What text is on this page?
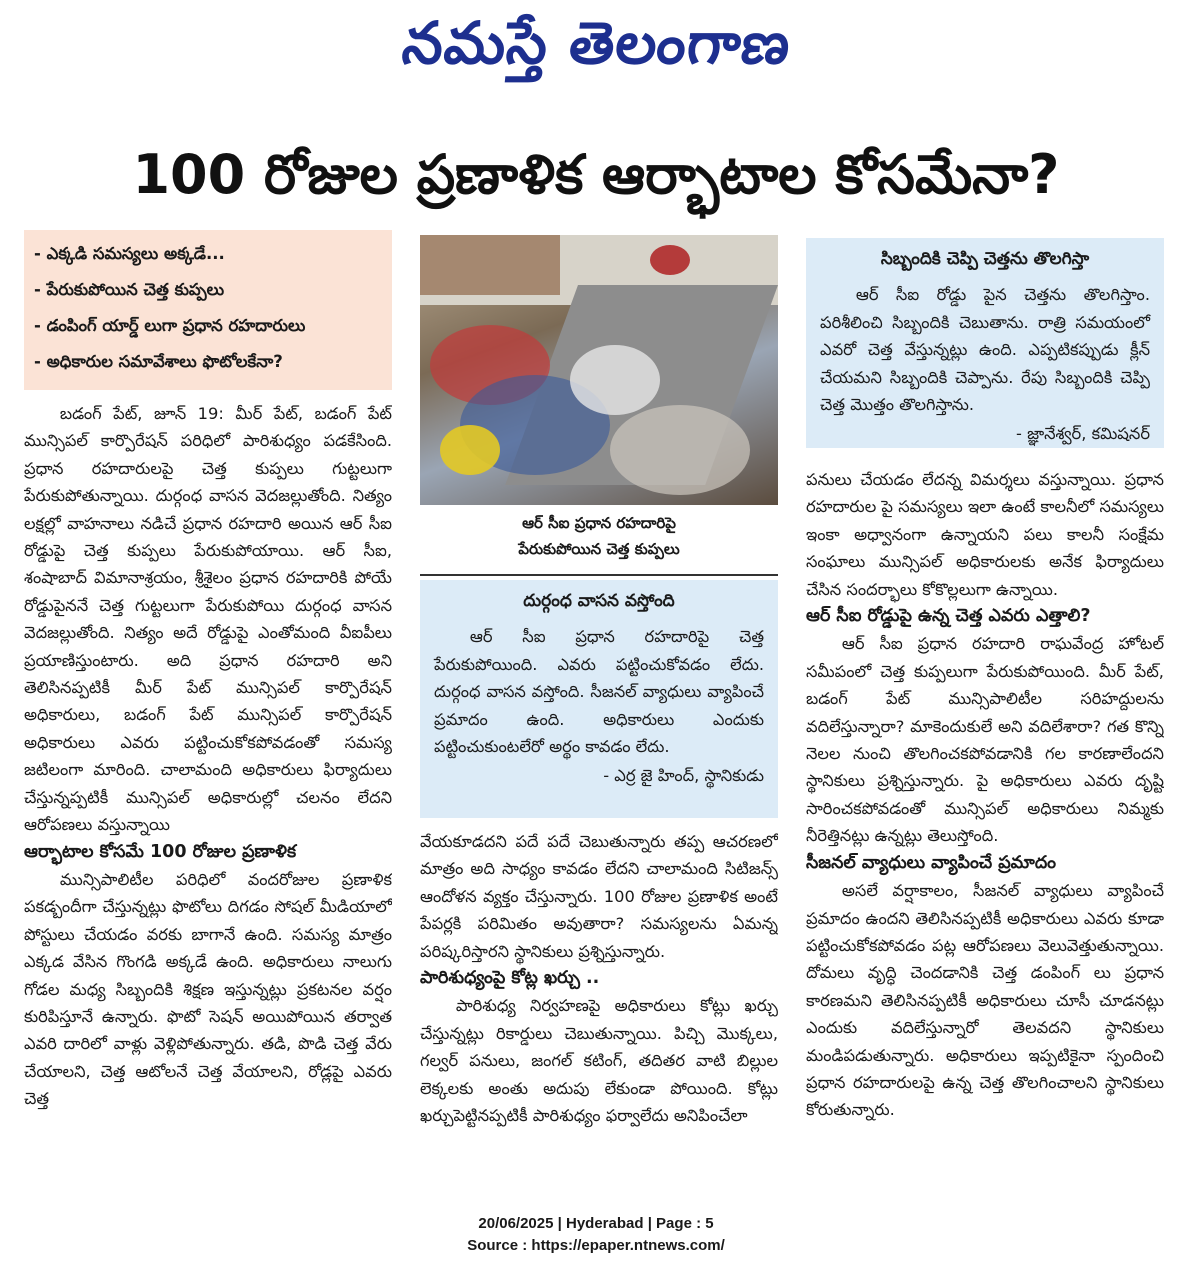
నమస్తే తెలంగాణ
100 రోజుల ప్రణాళిక ఆర్భాటాల కోసమేనా?
- ఎక్కడి సమస్యలు అక్కడే...
- పేరుకుపోయిన చెత్త కుప్పలు
- డంపింగ్ యార్డ్ లుగా ప్రధాన రహదారులు
- అధికారుల సమావేశాలు ఫొటోలకేనా?

బడంగ్ పేట్, జూన్ 19: మీర్ పేట్, బడంగ్ పేట్ మున్సిపల్ కార్పొరేషన్ పరిధిలో పారిశుధ్యం పడకేసింది. ప్రధాన రహదారులపై చెత్త కుప్పలు గుట్టలుగా పేరుకుపోతున్నాయి. దుర్గంధ వాసన వెదజల్లుతోంది. నిత్యం లక్షల్లో వాహనాలు నడిచే ప్రధాన రహదారి అయిన ఆర్ సీఐ రోడ్డుపై చెత్త కుప్పలు పేరుకుపోయాయి. ఆర్ సీఐ, శంషాబాద్ విమానాశ్రయం, శ్రీశైలం ప్రధాన రహదారికి పోయే రోడ్డుపైననే చెత్త గుట్టలుగా పేరుకుపోయి దుర్గంధ వాసన వెదజల్లుతోంది. నిత్యం అదే రోడ్డుపై ఎంతోమంది వీఐపీలు ప్రయాణిస్తుంటారు. అది ప్రధాన రహదారి అని తెలిసినప్పటికీ మీర్ పేట్ మున్సిపల్ కార్పొరేషన్ అధికారులు, బడంగ్ పేట్ మున్సిపల్ కార్పొరేషన్ అధికారులు ఎవరు పట్టించుకోకపోవడంతో సమస్య జటిలంగా మారింది. చాలామంది అధికారులు ఫిర్యాదులు చేస్తున్నప్పటికీ మున్సిపల్ అధికారుల్లో చలనం లేదని ఆరోపణలు వస్తున్నాయి

ఆర్భాటాల కోసమే 100 రోజుల ప్రణాళిక

మున్సిపాలిటీల పరిధిలో వందరోజుల ప్రణాళిక పకడ్బందీగా చేస్తున్నట్లు ఫొటోలు దిగడం సోషల్ మీడియాలో పోస్టులు చేయడం వరకు బాగానే ఉంది. సమస్య మాత్రం ఎక్కడ వేసిన గొంగడి అక్కడే ఉంది. అధికారులు నాలుగు గోడల మధ్య సిబ్బందికి శిక్షణ ఇస్తున్నట్లు ప్రకటనల వర్షం కురిపిస్తూనే ఉన్నారు. ఫొటో సెషన్ అయిపోయిన తర్వాత ఎవరి దారిలో వాళ్లు వెళ్లిపోతున్నారు. తడి, పొడి చెత్త వేరు చేయాలని, చెత్త ఆటోలనే చెత్త వేయాలని, రోడ్లపై ఎవరు చెత్త

ఆర్ సీఐ ప్రధాన రహదారిపై
పేరుకుపోయిన చెత్త కుప్పలు
దుర్గంధ వాసన వస్తోంది

ఆర్ సీఐ ప్రధాన రహదారిపై చెత్త పేరుకుపోయింది. ఎవరు పట్టించుకోవడం లేదు. దుర్గంధ వాసన వస్తోంది. సీజనల్ వ్యాధులు వ్యాపించే ప్రమాదం ఉంది. అధికారులు ఎందుకు పట్టించుకుంటలేరో అర్థం కావడం లేదు.

- ఎర్ర జై హింద్, స్థానికుడు

వేయకూడదని పదే పదే చెబుతున్నారు తప్ప ఆచరణలో మాత్రం అది సాధ్యం కావడం లేదని చాలామంది సిటిజన్స్ ఆందోళన వ్యక్తం చేస్తున్నారు. 100 రోజుల ప్రణాళిక అంటే పేపర్లకి పరిమితం అవుతారా? సమస్యలను ఏమన్న పరిష్కరిస్తారని స్థానికులు ప్రశ్నిస్తున్నారు.

పారిశుధ్యంపై కోట్ల ఖర్చు ..

పారిశుధ్య నిర్వహణపై అధికారులు కోట్లు ఖర్చు చేస్తున్నట్లు రికార్డులు చెబుతున్నాయి. పిచ్చి మొక్కలు, గల్వర్ పనులు, జంగల్ కటింగ్, తదితర వాటి బిల్లుల లెక్కలకు అంతు అదుపు లేకుండా పోయింది. కోట్లు ఖర్చుపెట్టినప్పటికీ పారిశుధ్యం ఫర్వాలేదు అనిపించేలా

సిబ్బందికి చెప్పి చెత్తను తొలగిస్తా

ఆర్ సీఐ రోడ్డు పైన చెత్తను తొలగిస్తాం. పరిశీలించి సిబ్బందికి చెబుతాను. రాత్రి సమయంలో ఎవరో చెత్త వేస్తున్నట్లు ఉంది. ఎప్పటికప్పుడు క్లీన్ చేయమని సిబ్బందికి చెప్పాను. రేపు సిబ్బందికి చెప్పి చెత్త మొత్తం తొలగిస్తాను.

- జ్ఞానేశ్వర్, కమిషనర్

పనులు చేయడం లేదన్న విమర్శలు వస్తున్నాయి. ప్రధాన రహదారుల పై సమస్యలు ఇలా ఉంటే కాలనీలో సమస్యలు ఇంకా అధ్వానంగా ఉన్నాయని పలు కాలనీ సంక్షేమ సంఘాలు మున్సిపల్ అధికారులకు అనేక ఫిర్యాదులు చేసిన సందర్భాలు కోకొల్లలుగా ఉన్నాయి.

ఆర్ సీఐ రోడ్డుపై ఉన్న చెత్త ఎవరు ఎత్తాలి?

ఆర్ సీఐ ప్రధాన రహదారి రాఘవేంద్ర హోటల్ సమీపంలో చెత్త కుప్పలుగా పేరుకుపోయింది. మీర్ పేట్, బడంగ్ పేట్ మున్సిపాలిటీల సరిహద్దులను వదిలేస్తున్నారా? మాకెందుకులే అని వదిలేశారా? గత కొన్ని నెలల నుంచి తొలగించకపోవడానికి గల కారణాలేందని స్థానికులు ప్రశ్నిస్తున్నారు. పై అధికారులు ఎవరు దృష్టి సారించకపోవడంతో మున్సిపల్ అధికారులు నిమ్మకు నీరెత్తినట్లు ఉన్నట్లు తెలుస్తోంది.

సీజనల్ వ్యాధులు వ్యాపించే ప్రమాదం

అసలే వర్షాకాలం, సీజనల్ వ్యాధులు వ్యాపించే ప్రమాదం ఉందని తెలిసినప్పటికీ అధికారులు ఎవరు కూడా పట్టించుకోకపోవడం పట్ల ఆరోపణలు వెలువెత్తుతున్నాయి. దోమలు వృద్ధి చెందడానికి చెత్త డంపింగ్ లు ప్రధాన కారణమని తెలిసినప్పటికీ అధికారులు చూసీ చూడనట్లు ఎందుకు వదిలేస్తున్నారో తెలవదని స్థానికులు మండిపడుతున్నారు. అధికారులు ఇప్పటికైనా స్పందించి ప్రధాన రహదారులపై ఉన్న చెత్త తొలగించాలని స్థానికులు కోరుతున్నారు.

20/06/2025 | Hyderabad | Page : 5
Source : https://epaper.ntnews.com/
